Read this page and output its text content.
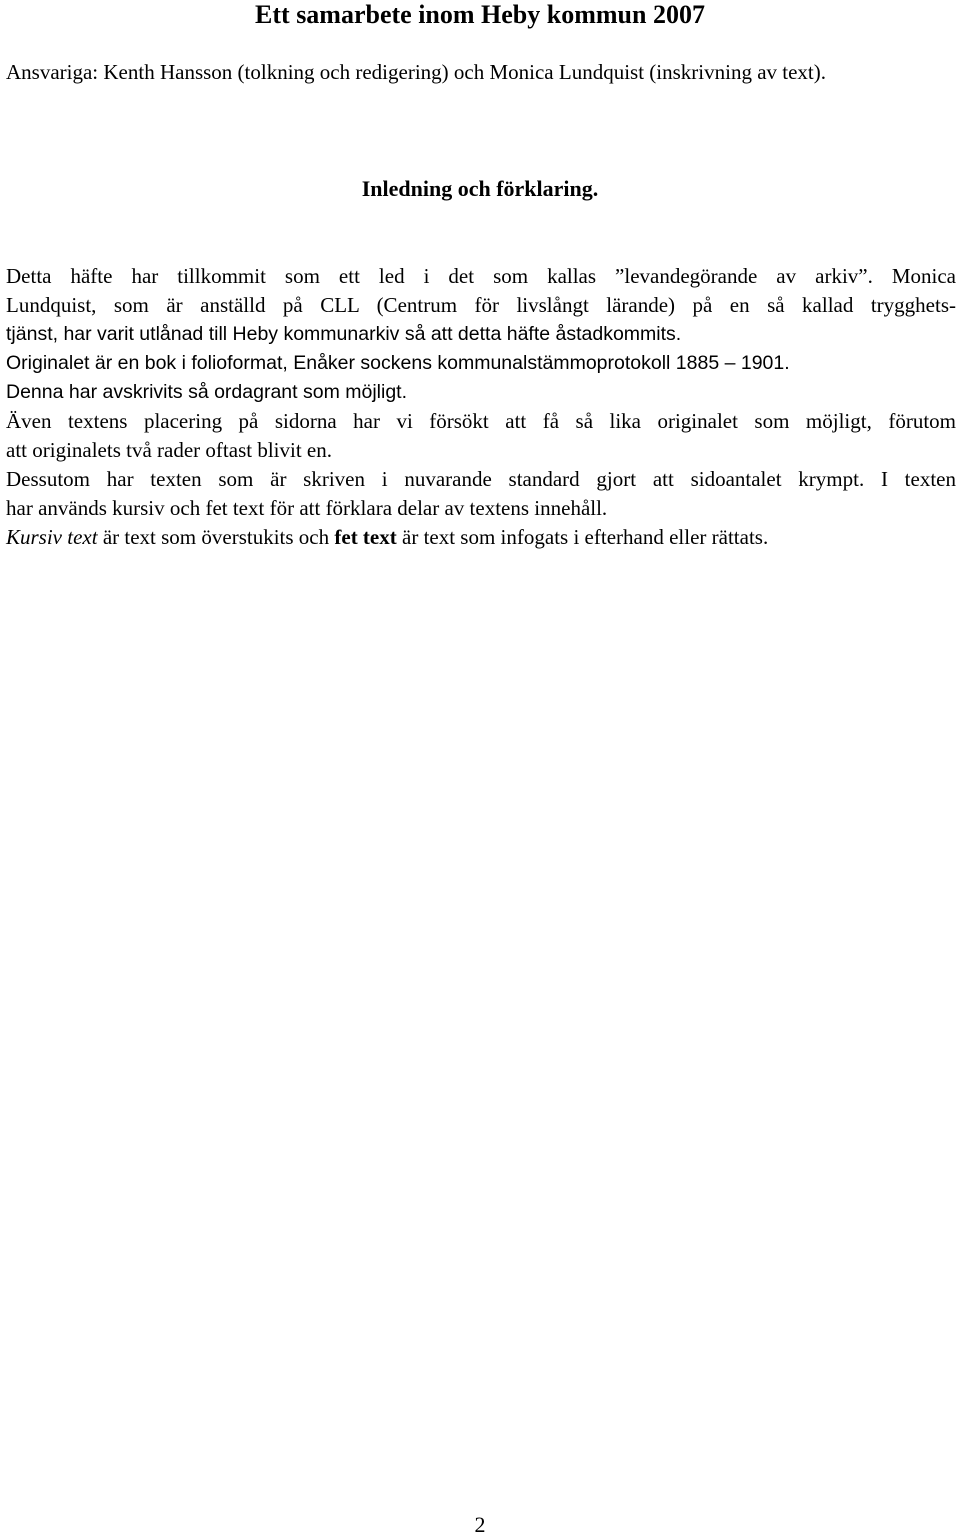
Ett samarbete inom Heby kommun 2007

Ansvariga: Kenth Hansson (tolkning och redigering) och Monica Lundquist (inskrivning av text).

Inledning och förklaring.
Detta häfte har tillkommit som ett led i det som kallas ”levandegörande av arkiv”. Monica
Lundquist, som är anställd på CLL (Centrum för livslångt lärande) på en så kallad trygghets-
tjänst, har varit utlånad till Heby kommunarkiv så att detta häfte åstadkommits.
Originalet är en bok i folioformat, Enåker sockens kommunalstämmoprotokoll 1885 – 1901.
Denna har avskrivits så ordagrant som möjligt.
Även textens placering på sidorna har vi försökt att få så lika originalet som möjligt, förutom
att originalets två rader oftast blivit en.
Dessutom har texten som är skriven i nuvarande standard gjort att sidoantalet krympt. I texten
har används kursiv och fet text för att förklara delar av textens innehåll.
Kursiv text är text som överstukits och fet text är text som infogats i efterhand eller rättats.
2
